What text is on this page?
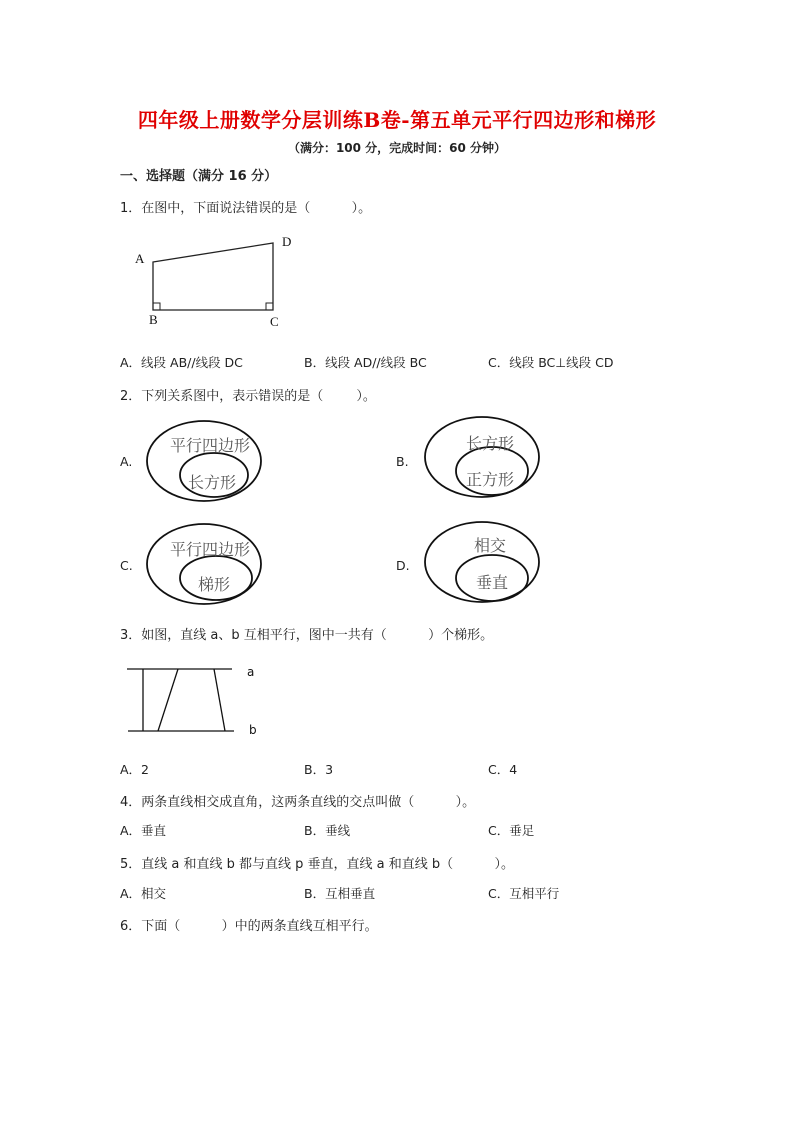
四年级上册数学分层训练B卷-第五单元平行四边形和梯形
（满分：100 分，完成时间：60 分钟）
一、选择题（满分 16 分）
1．在图中，下面说法错误的是（          ）。
A
B	C
D
A．线段 AB//线段 DC	B．线段 AD//线段 BC	C．线段 BC⊥线段 CD
2．下列关系图中，表示错误的是（        ）。
A.
平行四边形
长方形
B.
长方形
正方形
C.
平行四边形
梯形
D.
相交
垂直
3．如图，直线 a、b 互相平行，图中一共有（          ）个梯形。
a
b
A．2	B．3	C．4
4．两条直线相交成直角，这两条直线的交点叫做（          ）。
A．垂直	B．垂线	C．垂足
5．直线 a 和直线 b 都与直线 p 垂直，直线 a 和直线 b（          ）。
A．相交	B．互相垂直	C．互相平行
6．下面（          ）中的两条直线互相平行。
